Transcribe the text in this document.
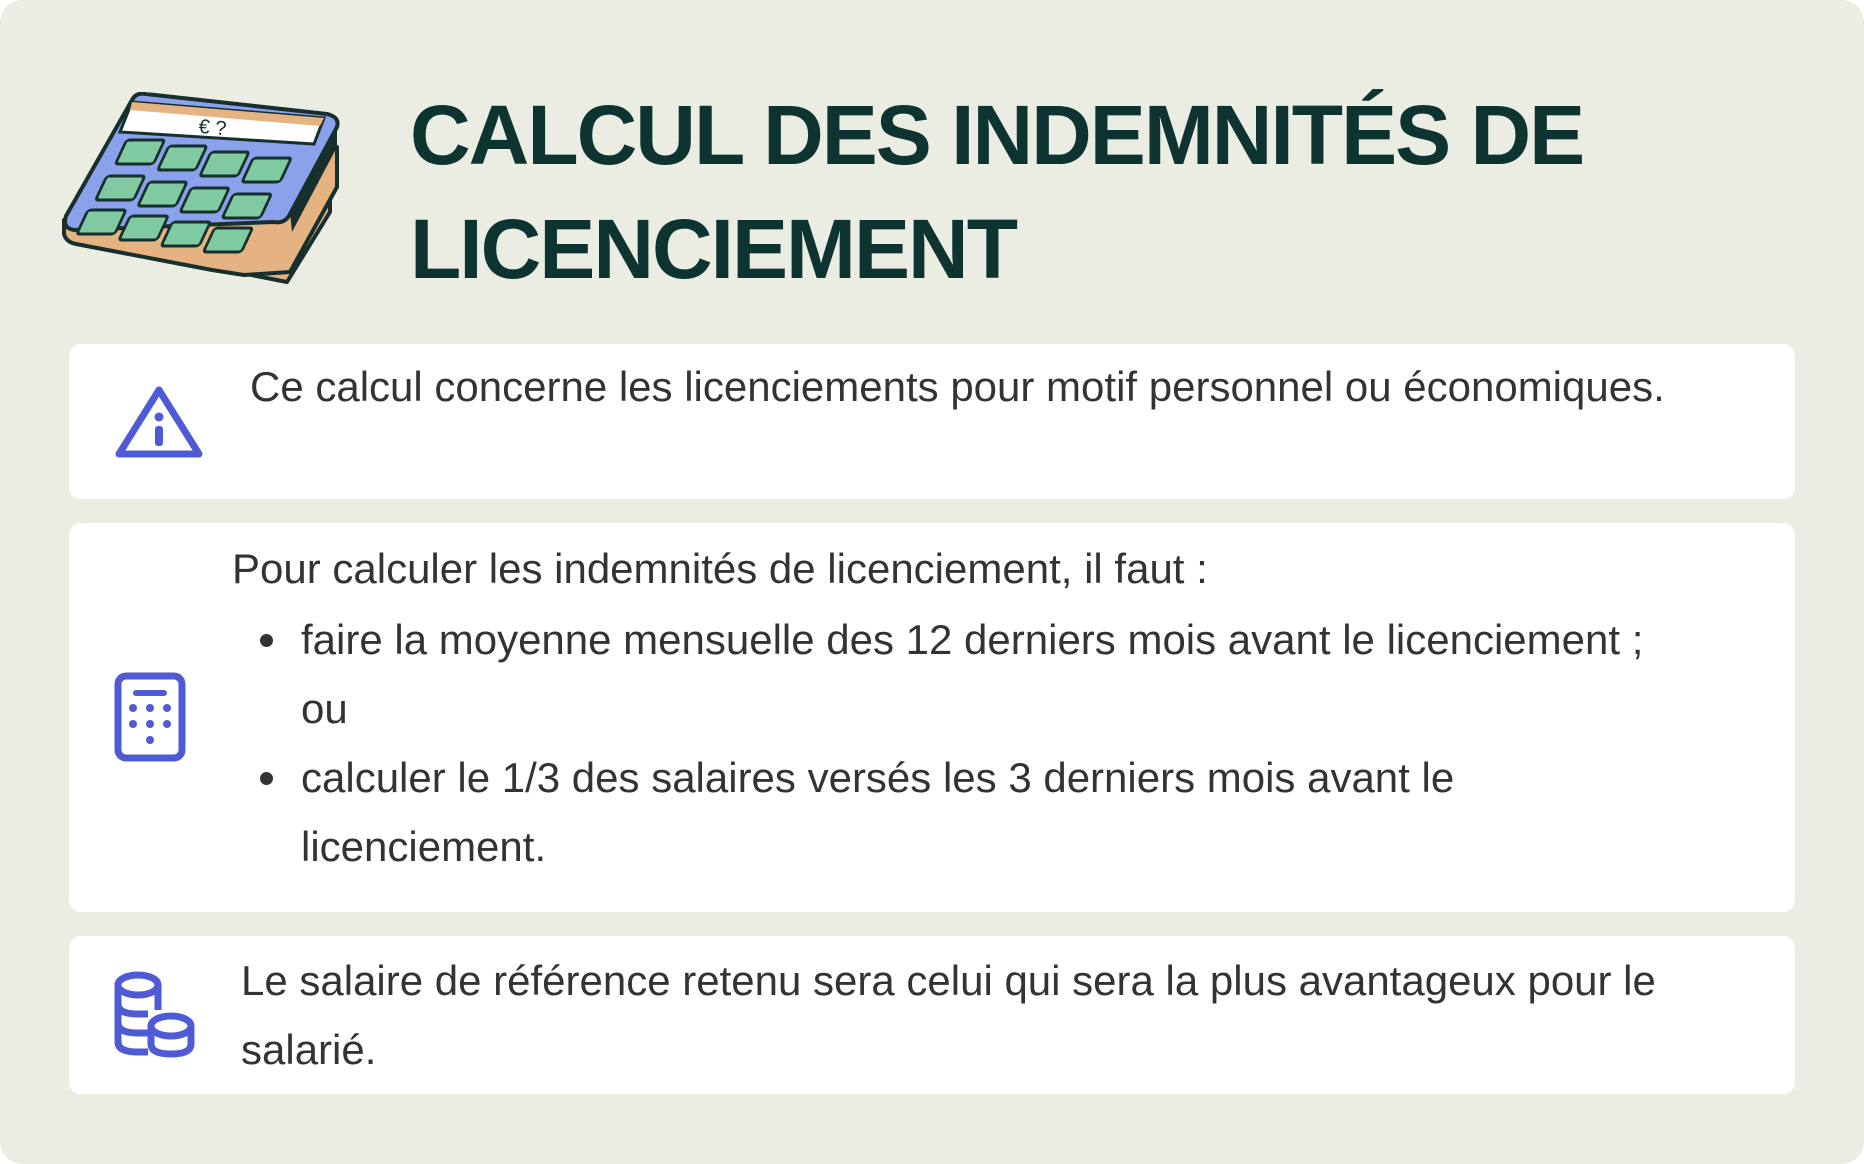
€ ? CALCUL DES INDEMNITÉS DE LICENCIEMENT
Ce calcul concerne les licenciements pour motif personnel ou économiques.
Pour calculer les indemnités de licenciement, il faut :
faire la moyenne mensuelle des 12 derniers mois avant le licenciement ; ou
calculer le 1/3 des salaires versés les 3 derniers mois avant le licenciement.
Le salaire de référence retenu sera celui qui sera la plus avantageux pour le salarié.
